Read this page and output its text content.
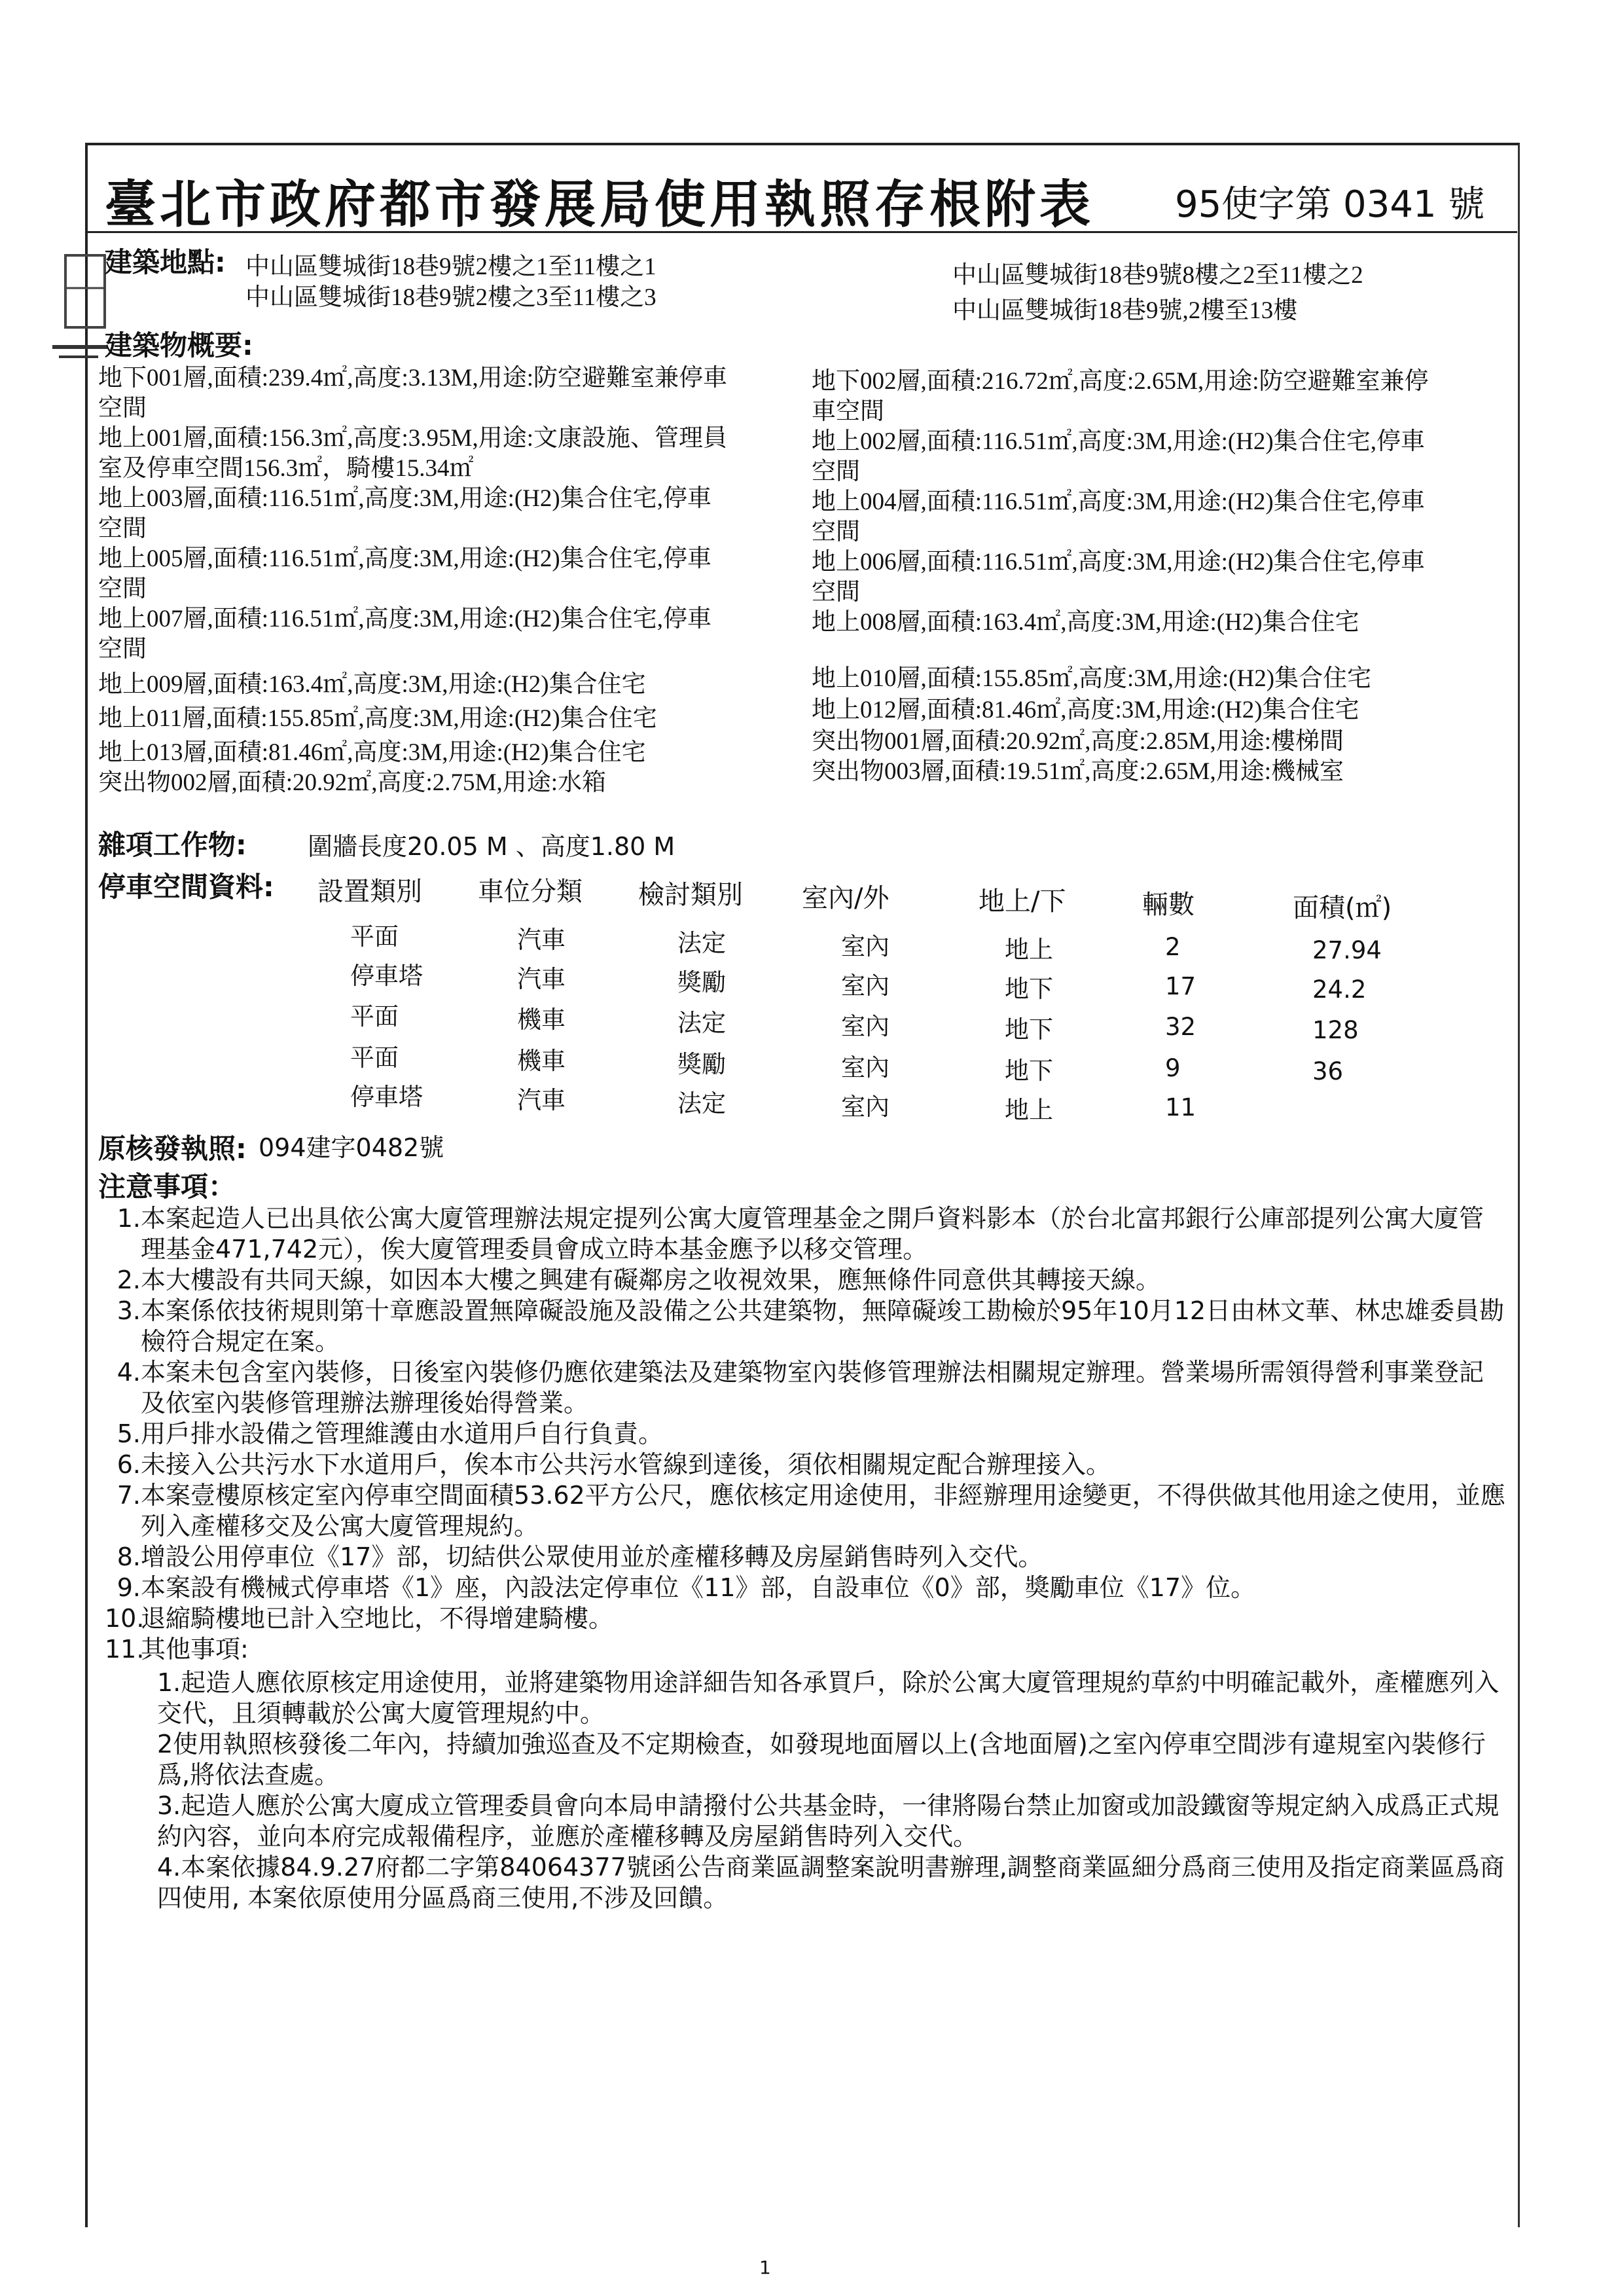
臺北市政府都市發展局使用執照存根附表 95使字第 0341 號
建築地點: 中山區雙城街18巷9號2樓之1至11樓之1
中山區雙城街18巷9號2樓之3至11樓之3
中山區雙城街18巷9號8樓之2至11樓之2
中山區雙城街18巷9號,2樓至13樓
建築物概要:
地下001層,面積:239.4㎡,高度:3.13M,用途:防空避難室兼停車
空間
地上001層,面積:156.3㎡,高度:3.95M,用途:文康設施、管理員
室及停車空間156.3㎡，騎樓15.34㎡
地上003層,面積:116.51㎡,高度:3M,用途:(H2)集合住宅,停車
空間
地上005層,面積:116.51㎡,高度:3M,用途:(H2)集合住宅,停車
空間
地上007層,面積:116.51㎡,高度:3M,用途:(H2)集合住宅,停車
空間
地上009層,面積:163.4㎡,高度:3M,用途:(H2)集合住宅
地上011層,面積:155.85㎡,高度:3M,用途:(H2)集合住宅
地上013層,面積:81.46㎡,高度:3M,用途:(H2)集合住宅
突出物002層,面積:20.92㎡,高度:2.75M,用途:水箱
地下002層,面積:216.72㎡,高度:2.65M,用途:防空避難室兼停
車空間
地上002層,面積:116.51㎡,高度:3M,用途:(H2)集合住宅,停車
空間
地上004層,面積:116.51㎡,高度:3M,用途:(H2)集合住宅,停車
空間
地上006層,面積:116.51㎡,高度:3M,用途:(H2)集合住宅,停車
空間
地上008層,面積:163.4㎡,高度:3M,用途:(H2)集合住宅
地上010層,面積:155.85㎡,高度:3M,用途:(H2)集合住宅
地上012層,面積:81.46㎡,高度:3M,用途:(H2)集合住宅
突出物001層,面積:20.92㎡,高度:2.85M,用途:樓梯間
突出物003層,面積:19.51㎡,高度:2.65M,用途:機械室
雜項工作物: 圍牆長度20.05 M 、高度1.80 M
停車空間資料: 設置類別 車位分類 檢討類別 室內/外	地上/下	輛數	面積(㎡)
平面	汽車	法定	室內	地上	2	27.94
停車塔	汽車	獎勵	室內	地下	17	24.2
平面	機車	法定	室內	地下	32	128
平面	機車	獎勵	室內	地下	9	36
停車塔	汽車	法定	室內	地上	11
原核發執照: 094建字0482號
注意事項：
1. 本案起造人已出具依公寓大廈管理辦法規定提列公寓大廈管理基金之開戶資料影本（於台北富邦銀行公庫部提列公寓大廈管理基金471,742元），俟大廈管理委員會成立時本基金應予以移交管理。
2. 本大樓設有共同天線，如因本大樓之興建有礙鄰房之收視效果，應無條件同意供其轉接天線。
3. 本案係依技術規則第十章應設置無障礙設施及設備之公共建築物，無障礙竣工勘檢於95年10月12日由林文華、林忠雄委員勘檢符合規定在案。
4. 本案未包含室內裝修，日後室內裝修仍應依建築法及建築物室內裝修管理辦法相關規定辦理。營業場所需領得營利事業登記及依室內裝修管理辦法辦理後始得營業。
5. 用戶排水設備之管理維護由水道用戶自行負責。
6. 未接入公共污水下水道用戶，俟本市公共污水管線到達後，須依相關規定配合辦理接入。
7. 本案壹樓原核定室內停車空間面積53.62平方公尺，應依核定用途使用，非經辦理用途變更，不得供做其他用途之使用，並應列入產權移交及公寓大廈管理規約。
8. 增設公用停車位《17》部，切結供公眾使用並於產權移轉及房屋銷售時列入交代。
9. 本案設有機械式停車塔《1》座，內設法定停車位《11》部，自設車位《0》部，獎勵車位《17》位。
10.
退縮騎樓地已計入空地比，不得增建騎樓。
11.
其他事項:
1.起造人應依原核定用途使用，並將建築物用途詳細告知各承買戶，除於公寓大廈管理規約草約中明確記載外，產權應列入交代，且須轉載於公寓大廈管理規約中。
2使用執照核發後二年內，持續加強巡查及不定期檢查，如發現地面層以上(含地面層)之室內停車空間涉有違規室內裝修行爲,將依法查處。
3.起造人應於公寓大廈成立管理委員會向本局申請撥付公共基金時，一律將陽台禁止加窗或加設鐵窗等規定納入成爲正式規約內容，並向本府完成報備程序，並應於產權移轉及房屋銷售時列入交代。
4.本案依據84.9.27府都二字第84064377號函公告商業區調整案說明書辦理,調整商業區細分爲商三使用及指定商業區爲商四使用, 本案依原使用分區爲商三使用,不涉及回饋。
1
